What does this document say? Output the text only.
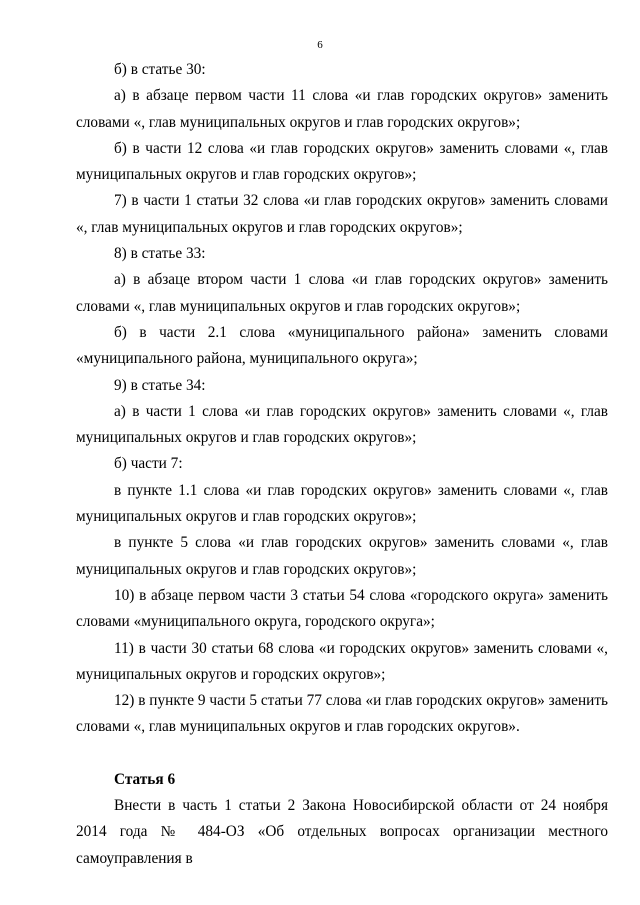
6

б) в статье 30:

а) в абзаце первом части 11 слова «и глав городских округов» заменить словами «, глав муниципальных округов и глав городских округов»;

б) в части 12 слова «и глав городских округов» заменить словами «, глав муниципальных округов и глав городских округов»;

7) в части 1 статьи 32 слова «и глав городских округов» заменить словами «, глав муниципальных округов и глав городских округов»;

8) в статье 33:

а) в абзаце втором части 1 слова «и глав городских округов» заменить словами «, глав муниципальных округов и глав городских округов»;

б) в части 2.1 слова «муниципального района» заменить словами «муниципального района, муниципального округа»;

9) в статье 34:

а) в части 1 слова «и глав городских округов» заменить словами «, глав муниципальных округов и глав городских округов»;

б) части 7:

в пункте 1.1 слова «и глав городских округов» заменить словами «, глав муниципальных округов и глав городских округов»;

в пункте 5 слова «и глав городских округов» заменить словами «, глав муниципальных округов и глав городских округов»;

10) в абзаце первом части 3 статьи 54 слова «городского округа» заменить словами «муниципального округа, городского округа»;

11) в части 30 статьи 68 слова «и городских округов» заменить словами «, муниципальных округов и городских округов»;

12) в пункте 9 части 5 статьи 77 слова «и глав городских округов» заменить словами «, глав муниципальных округов и глав городских округов».

Статья 6

Внести в часть 1 статьи 2 Закона Новосибирской области от 24 ноября 2014 года № 484-ОЗ «Об отдельных вопросах организации местного самоуправления в
